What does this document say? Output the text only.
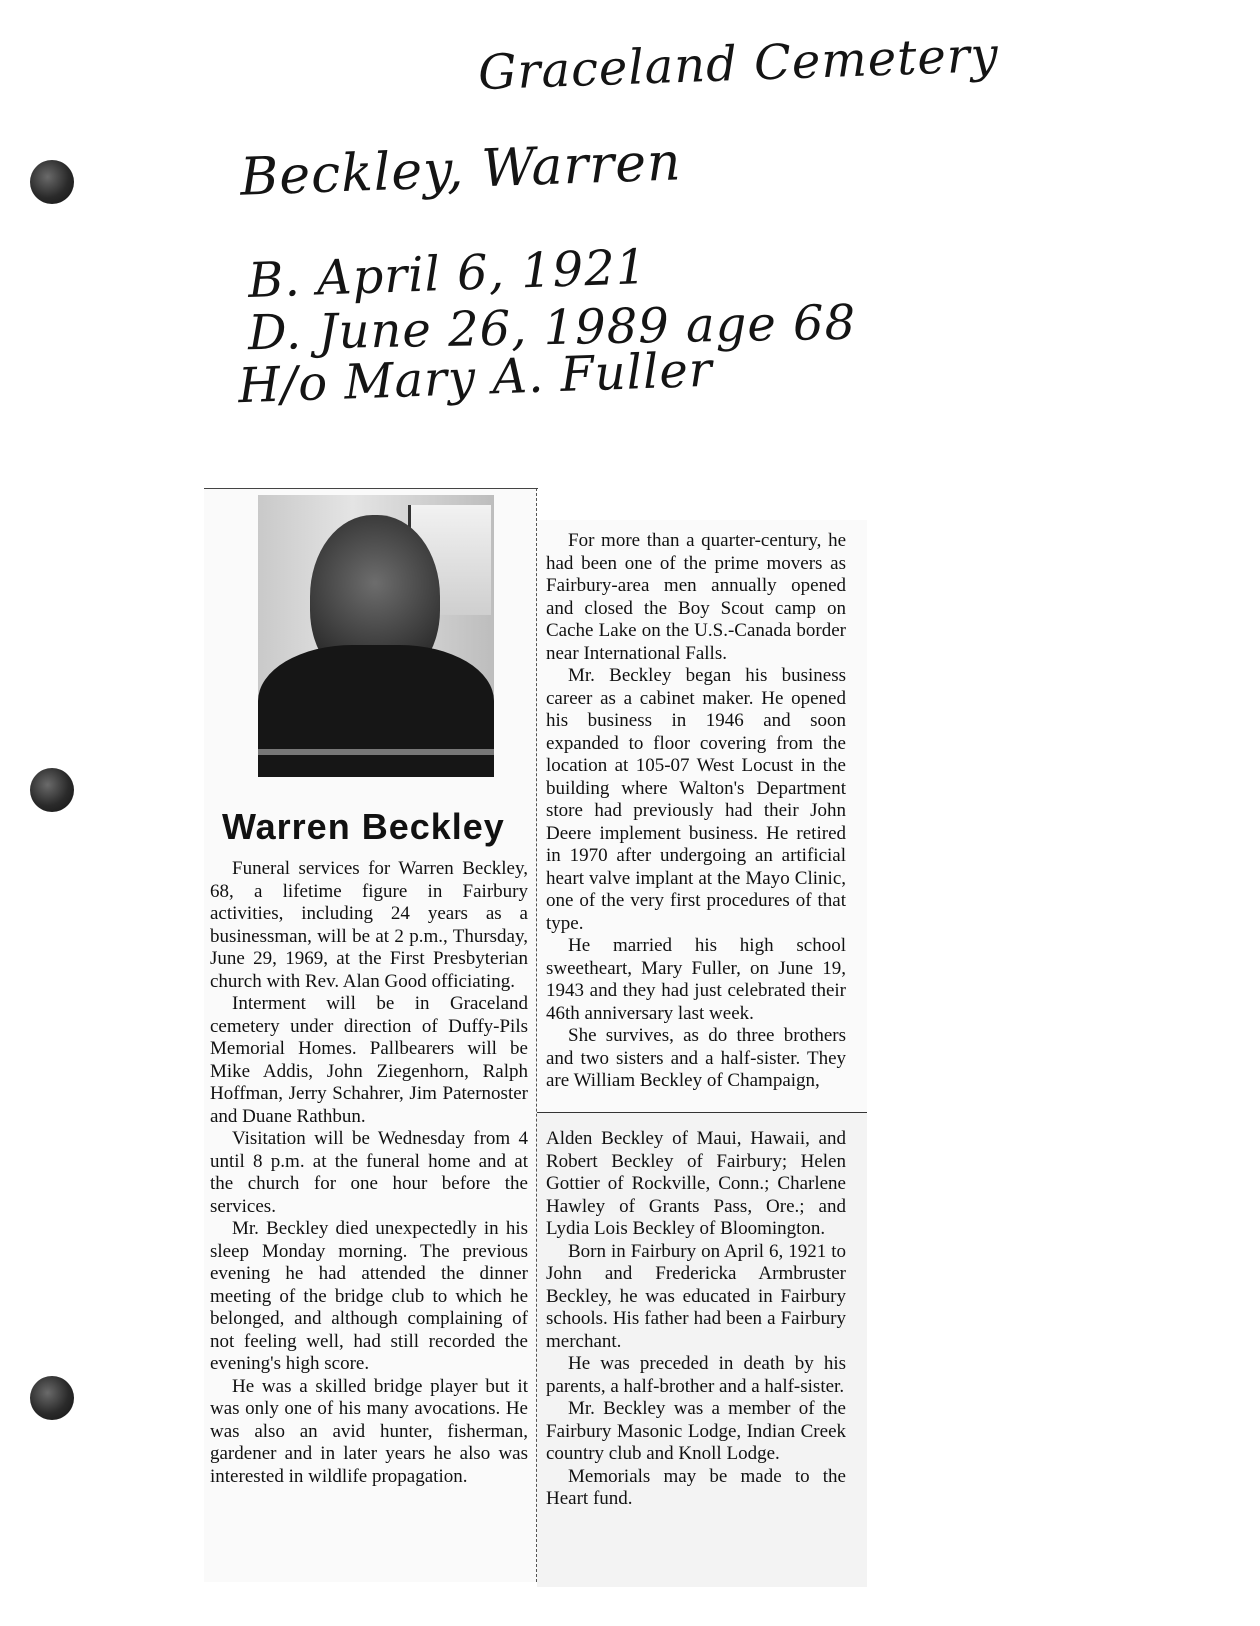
Graceland Cemetery
Beckley, Warren
B. April 6, 1921
D. June 26, 1989 age 68
H/o Mary A. Fuller
Warren Beckley

Funeral services for Warren Beckley, 68, a lifetime figure in Fairbury activities, including 24 years as a businessman, will be at 2 p.m., Thursday, June 29, 1969, at the First Presbyterian church with Rev. Alan Good officiating.

Interment will be in Graceland cemetery under direction of Duffy-Pils Memorial Homes. Pallbearers will be Mike Addis, John Ziegenhorn, Ralph Hoffman, Jerry Schahrer, Jim Paternoster and Duane Rathbun.

Visitation will be Wednesday from 4 until 8 p.m. at the funeral home and at the church for one hour before the services.

Mr. Beckley died unexpectedly in his sleep Monday morning. The previous evening he had attended the dinner meeting of the bridge club to which he belonged, and although complaining of not feeling well, had still recorded the evening's high score.

He was a skilled bridge player but it was only one of his many avocations. He was also an avid hunter, fisherman, gardener and in later years he also was interested in wildlife propagation.

For more than a quarter-century, he had been one of the prime movers as Fairbury-area men annually opened and closed the Boy Scout camp on Cache Lake on the U.S.-Canada border near International Falls.

Mr. Beckley began his business career as a cabinet maker. He opened his business in 1946 and soon expanded to floor covering from the location at 105-07 West Locust in the building where Walton's Department store had previously had their John Deere implement business. He retired in 1970 after undergoing an artificial heart valve implant at the Mayo Clinic, one of the very first procedures of that type.

He married his high school sweetheart, Mary Fuller, on June 19, 1943 and they had just celebrated their 46th anniversary last week.

She survives, as do three brothers and two sisters and a half-sister. They are William Beckley of Champaign,

Alden Beckley of Maui, Hawaii, and Robert Beckley of Fairbury; Helen Gottier of Rockville, Conn.; Charlene Hawley of Grants Pass, Ore.; and Lydia Lois Beckley of Bloomington.

Born in Fairbury on April 6, 1921 to John and Fredericka Armbruster Beckley, he was educated in Fairbury schools. His father had been a Fairbury merchant.

He was preceded in death by his parents, a half-brother and a half-sister.

Mr. Beckley was a member of the Fairbury Masonic Lodge, Indian Creek country club and Knoll Lodge.

Memorials may be made to the Heart fund.
